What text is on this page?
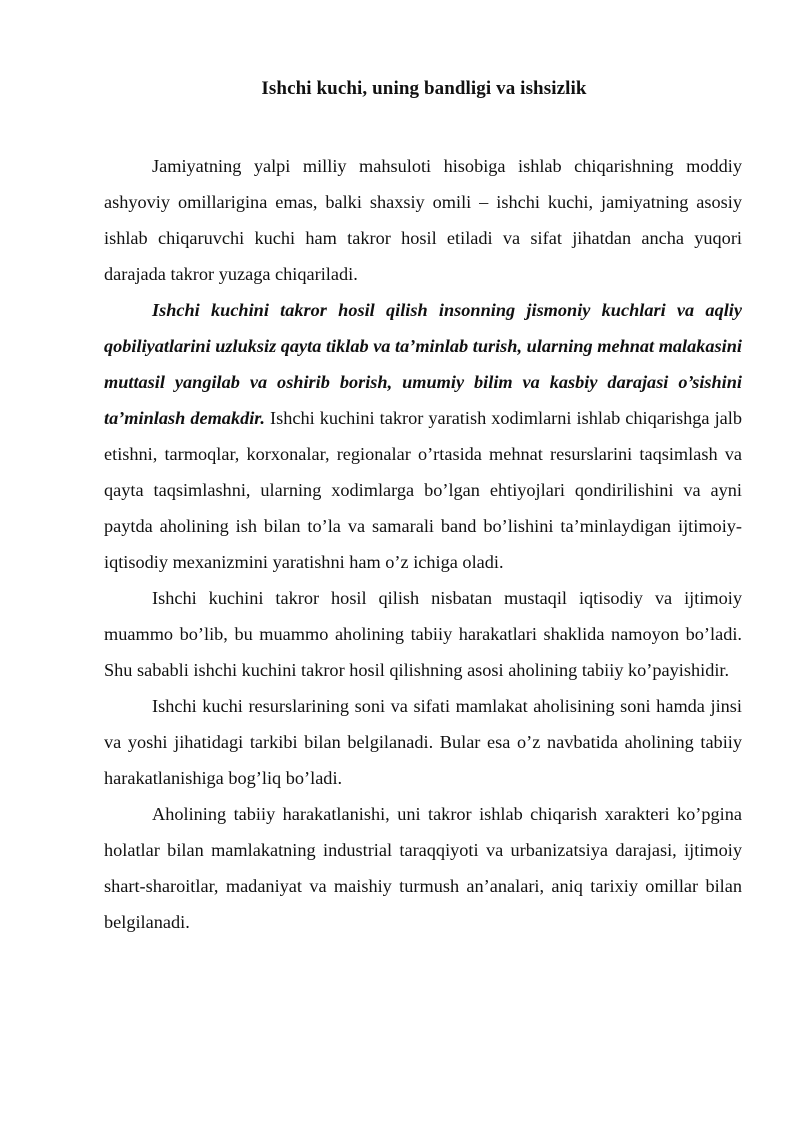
Ishchi kuchi, uning bandligi va ishsizlik

Jamiyatning yalpi milliy mahsuloti hisobiga ishlab chiqarishning moddiy ashyoviy omillarigina emas, balki shaxsiy omili – ishchi kuchi, jamiyatning asosiy ishlab chiqaruvchi kuchi ham takror hosil etiladi va sifat jihatdan ancha yuqori darajada takror yuzaga chiqariladi.

Ishchi kuchini takror hosil qilish insonning jismoniy kuchlari va aqliy qobiliyatlarini uzluksiz qayta tiklab va ta’minlab turish, ularning mehnat malakasini muttasil yangilab va oshirib borish, umumiy bilim va kasbiy darajasi o’sishini ta’minlash demakdir. Ishchi kuchini takror yaratish xodimlarni ishlab chiqarishga jalb etishni, tarmoqlar, korxonalar, regionalar o’rtasida mehnat resurslarini taqsimlash va qayta taqsimlashni, ularning xodimlarga bo’lgan ehtiyojlari qondirilishini va ayni paytda aholining ish bilan to’la va samarali band bo’lishini ta’minlaydigan ijtimoiy-iqtisodiy mexanizmini yaratishni ham o’z ichiga oladi.

Ishchi kuchini takror hosil qilish nisbatan mustaqil iqtisodiy va ijtimoiy muammo bo’lib, bu muammo aholining tabiiy harakatlari shaklida namoyon bo’ladi. Shu sababli ishchi kuchini takror hosil qilishning asosi aholining tabiiy ko’payishidir.

Ishchi kuchi resurslarining soni va sifati mamlakat aholisining soni hamda jinsi va yoshi jihatidagi tarkibi bilan belgilanadi. Bular esa o’z navbatida aholining tabiiy harakatlanishiga bog’liq bo’ladi.

Aholining tabiiy harakatlanishi, uni takror ishlab chiqarish xarakteri ko’pgina holatlar bilan mamlakatning industrial taraqqiyoti va urbanizatsiya darajasi, ijtimoiy shart-sharoitlar, madaniyat va maishiy turmush an’analari, aniq tarixiy omillar bilan belgilanadi.
